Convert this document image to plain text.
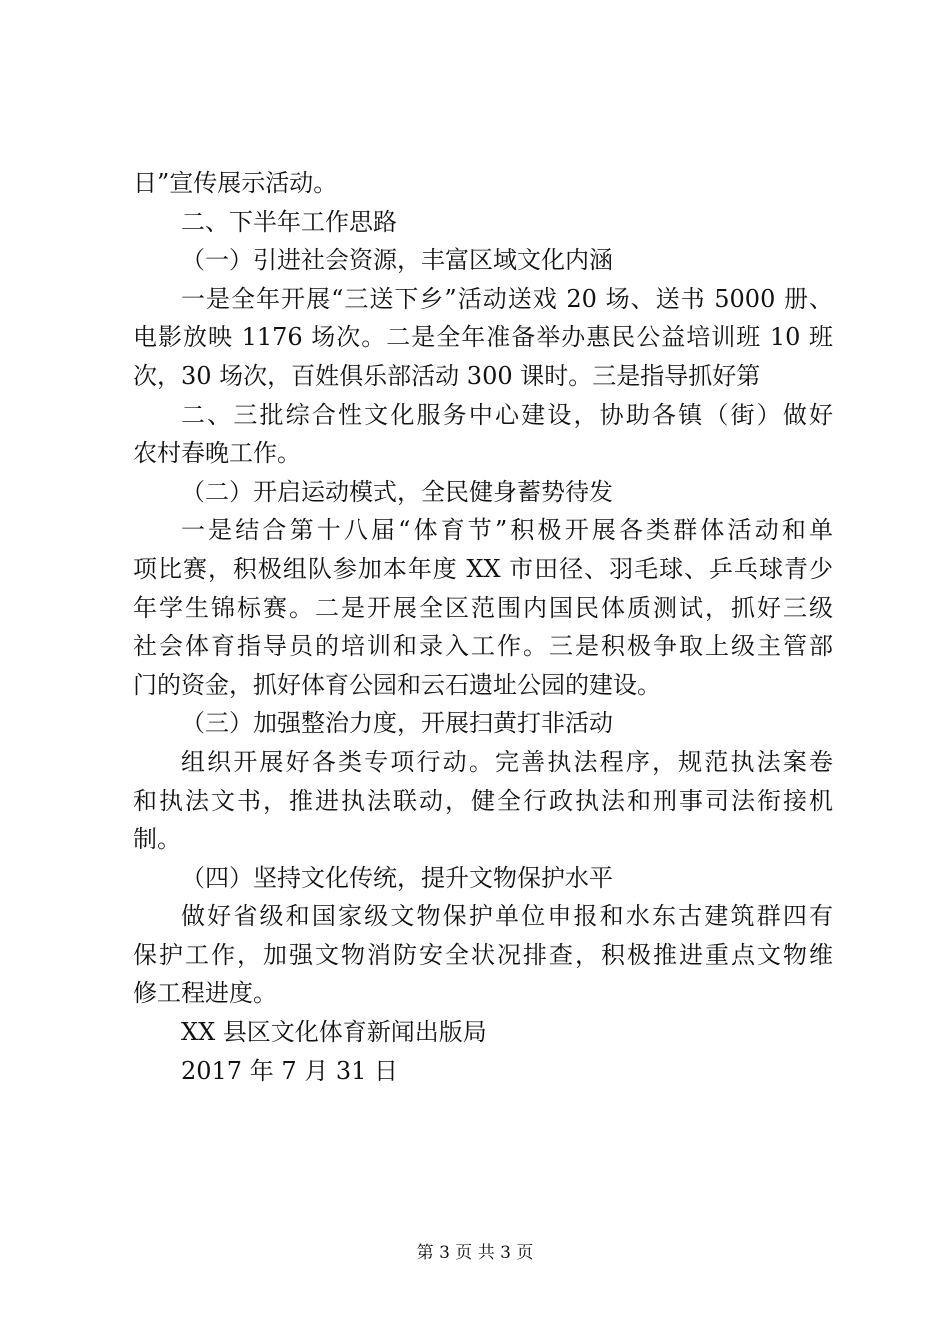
日”宣传展示活动。
二、下半年工作思路
（一）引进社会资源，丰富区域文化内涵
一是全年开展“三送下乡”活动送戏 20 场、送书 5000 册、
电影放映 1176 场次。二是全年准备举办惠民公益培训班 10 班
次，30 场次，百姓俱乐部活动 300 课时。三是指导抓好第
二、三批综合性文化服务中心建设，协助各镇（街）做好
农村春晚工作。
（二）开启运动模式，全民健身蓄势待发
一是结合第十八届“体育节”积极开展各类群体活动和单
项比赛，积极组队参加本年度 XX 市田径、羽毛球、乒乓球青少
年学生锦标赛。二是开展全区范围内国民体质测试，抓好三级
社会体育指导员的培训和录入工作。三是积极争取上级主管部
门的资金，抓好体育公园和云石遗址公园的建设。
（三）加强整治力度，开展扫黄打非活动
组织开展好各类专项行动。完善执法程序，规范执法案卷
和执法文书，推进执法联动，健全行政执法和刑事司法衔接机
制。
（四）坚持文化传统，提升文物保护水平
做好省级和国家级文物保护单位申报和水东古建筑群四有
保护工作，加强文物消防安全状况排查，积极推进重点文物维
修工程进度。
XX 县区文化体育新闻出版局
2017 年 7 月 31 日
第 3 页 共 3 页
